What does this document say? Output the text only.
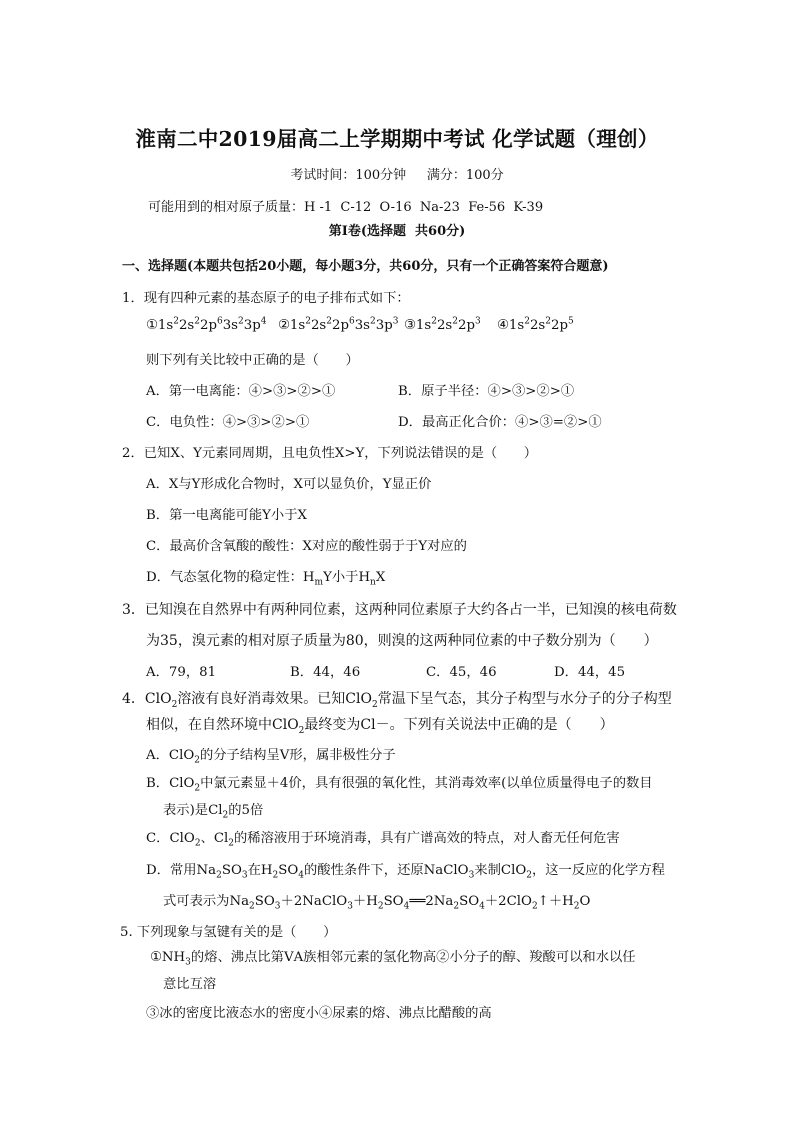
淮南二中2019届高二上学期期中考试 化学试题（理创）
考试时间：100分钟     满分：100分
可能用到的相对原子质量：H -1  C-12  O-16  Na-23  Fe-56  K-39
第Ⅰ卷(选择题  共60分)
一、选择题(本题共包括20小题，每小题3分，共60分，只有一个正确答案符合题意)
1．现有四种元素的基态原子的电子排布式如下：
$①1s^22s^22p^63s^23p^4$ $②1s^22s^22p^63s^23p^3$ $③1s^22s^22p^3$	$④1s^22s^22p^5$
则下列有关比较中正确的是（　　）
A．第一电离能：④>③>②>①	B．原子半径：④>③>②>①
C．电负性：④>③>②>①	D．最高正化合价：④>③=②>①
2．已知X、Y元素同周期，且电负性X>Y，下列说法错误的是（　　）
A．X与Y形成化合物时，X可以显负价，Y显正价
B．第一电离能可能Y小于X
C．最高价含氧酸的酸性：X对应的酸性弱于于Y对应的
D．气态氢化物的稳定性：$H_mY$小于$H_nX$
3．已知溴在自然界中有两种同位素，这两种同位素原子大约各占一半，已知溴的核电荷数
为35，溴元素的相对原子质量为80，则溴的这两种同位素的中子数分别为（　　）
A．79，81	B．44，46	C．45，46	D．44，45
4．ClO$_2$溶液有良好消毒效果。已知ClO$_2$常温下呈气态，其分子构型与水分子的分子构型
相似，在自然环境中ClO$_2$最终变为Cl－。下列有关说法中正确的是（　　）
A．ClO$_2$的分子结构呈V形，属非极性分子
B．ClO$_2$中氯元素显＋4价，具有很强的氧化性，其消毒效率(以单位质量得电子的数目
表示)是$Cl_2$的5倍
C．ClO$_2$、$Cl_2$的稀溶液用于环境消毒，具有广谱高效的特点，对人畜无任何危害
D．常用$Na_2SO_3$在$H_2SO_4$的酸性条件下，还原NaClO$_3$来制ClO$_2$，这一反应的化学方程
式可表示为$Na_2SO_3+2NaClO_3+H_2SO_4══2Na_2SO_4+2ClO_2↑+H_2O$
5. 下列现象与氢键有关的是（　　）
$①NH_3$的熔、沸点比第ⅤA族相邻元素的氢化物高②小分子的醇、羧酸可以和水以任
意比互溶
③冰的密度比液态水的密度小④尿素的熔、沸点比醋酸的高
